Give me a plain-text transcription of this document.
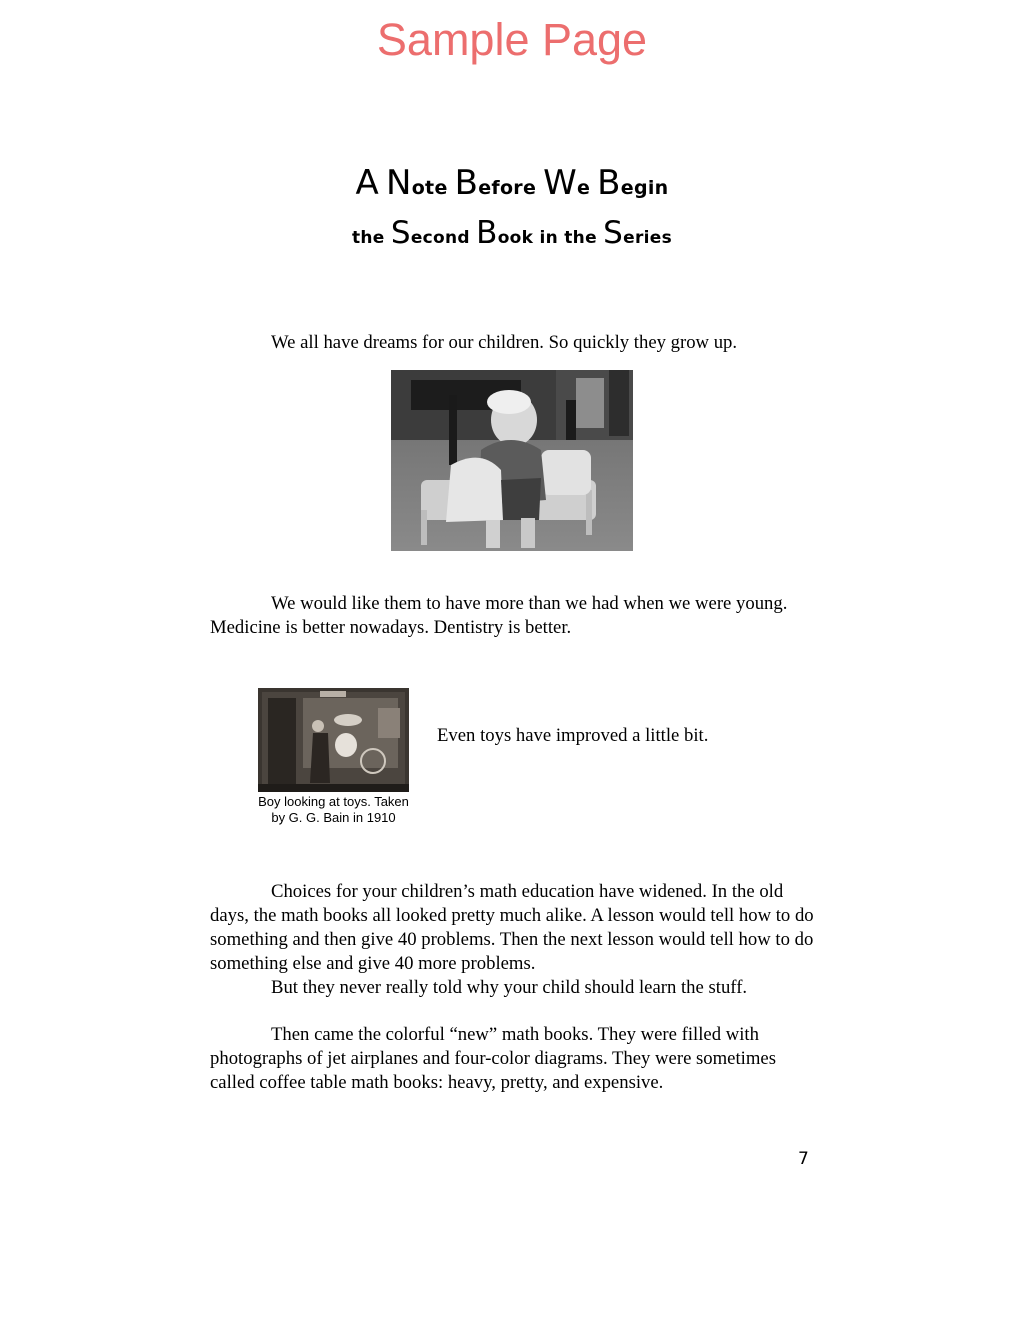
Sample Page
A Note Before We Begin
the Second Book in the Series

We all have dreams for our children. So quickly they grow up.

We would like them to have more than we had when we were young. Medicine is better nowadays. Dentistry is better.

Boy looking at toys. Taken by G. G. Bain in 1910

Even toys have improved a little bit.

Choices for your children’s math education have widened. In the old days, the math books all looked pretty much alike. A lesson would tell how to do something and then give 40 problems. Then the next lesson would tell how to do something else and give 40 more problems.

But they never really told why your child should learn the stuff.

Then came the colorful “new” math books. They were filled with photographs of jet airplanes and four-color diagrams. They were sometimes called coffee table math books: heavy, pretty, and expensive.

7
